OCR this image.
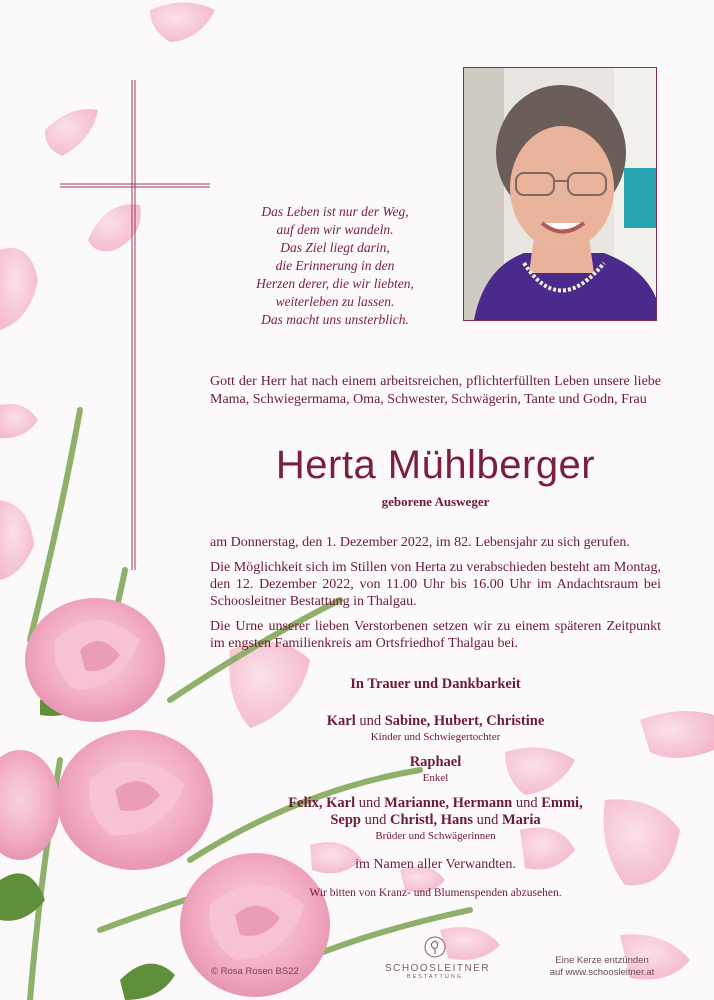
Das Leben ist nur der Weg,
auf dem wir wandeln.
Das Ziel liegt darin,
die Erinnerung in den
Herzen derer, die wir liebten,
weiterleben zu lassen.
Das macht uns unsterblich.
Gott der Herr hat nach einem arbeitsreichen, pflichterfüllten Leben unsere liebe Mama, Schwiegermama, Oma, Schwester, Schwägerin, Tante und Godn, Frau
Herta Mühlberger
geborene Ausweger

am Donnerstag, den 1. Dezember 2022, im 82. Lebensjahr zu sich gerufen.

Die Möglichkeit sich im Stillen von Herta zu verabschieden besteht am Montag, den 12. Dezember 2022, von 11.00 Uhr bis 16.00 Uhr im Andachtsraum bei Schoosleitner Bestattung in Thalgau.

Die Urne unserer lieben Verstorbenen setzen wir zu einem späteren Zeitpunkt im engsten Familienkreis am Ortsfriedhof Thalgau bei.

In Trauer und Dankbarkeit
Karl und Sabine, Hubert, Christine
Kinder und Schwiegertochter
Raphael
Enkel
Felix, Karl und Marianne, Hermann und Emmi,
Sepp und Christl, Hans und Maria
Brüder und Schwägerinnen
im Namen aller Verwandten.
Wir bitten von Kranz- und Blumenspenden abzusehen.
© Rosa Rosen BS22	SCHOOSLEITNER
BESTATTUNG
Eine Kerze entzünden
auf www.schoosleitner.at
